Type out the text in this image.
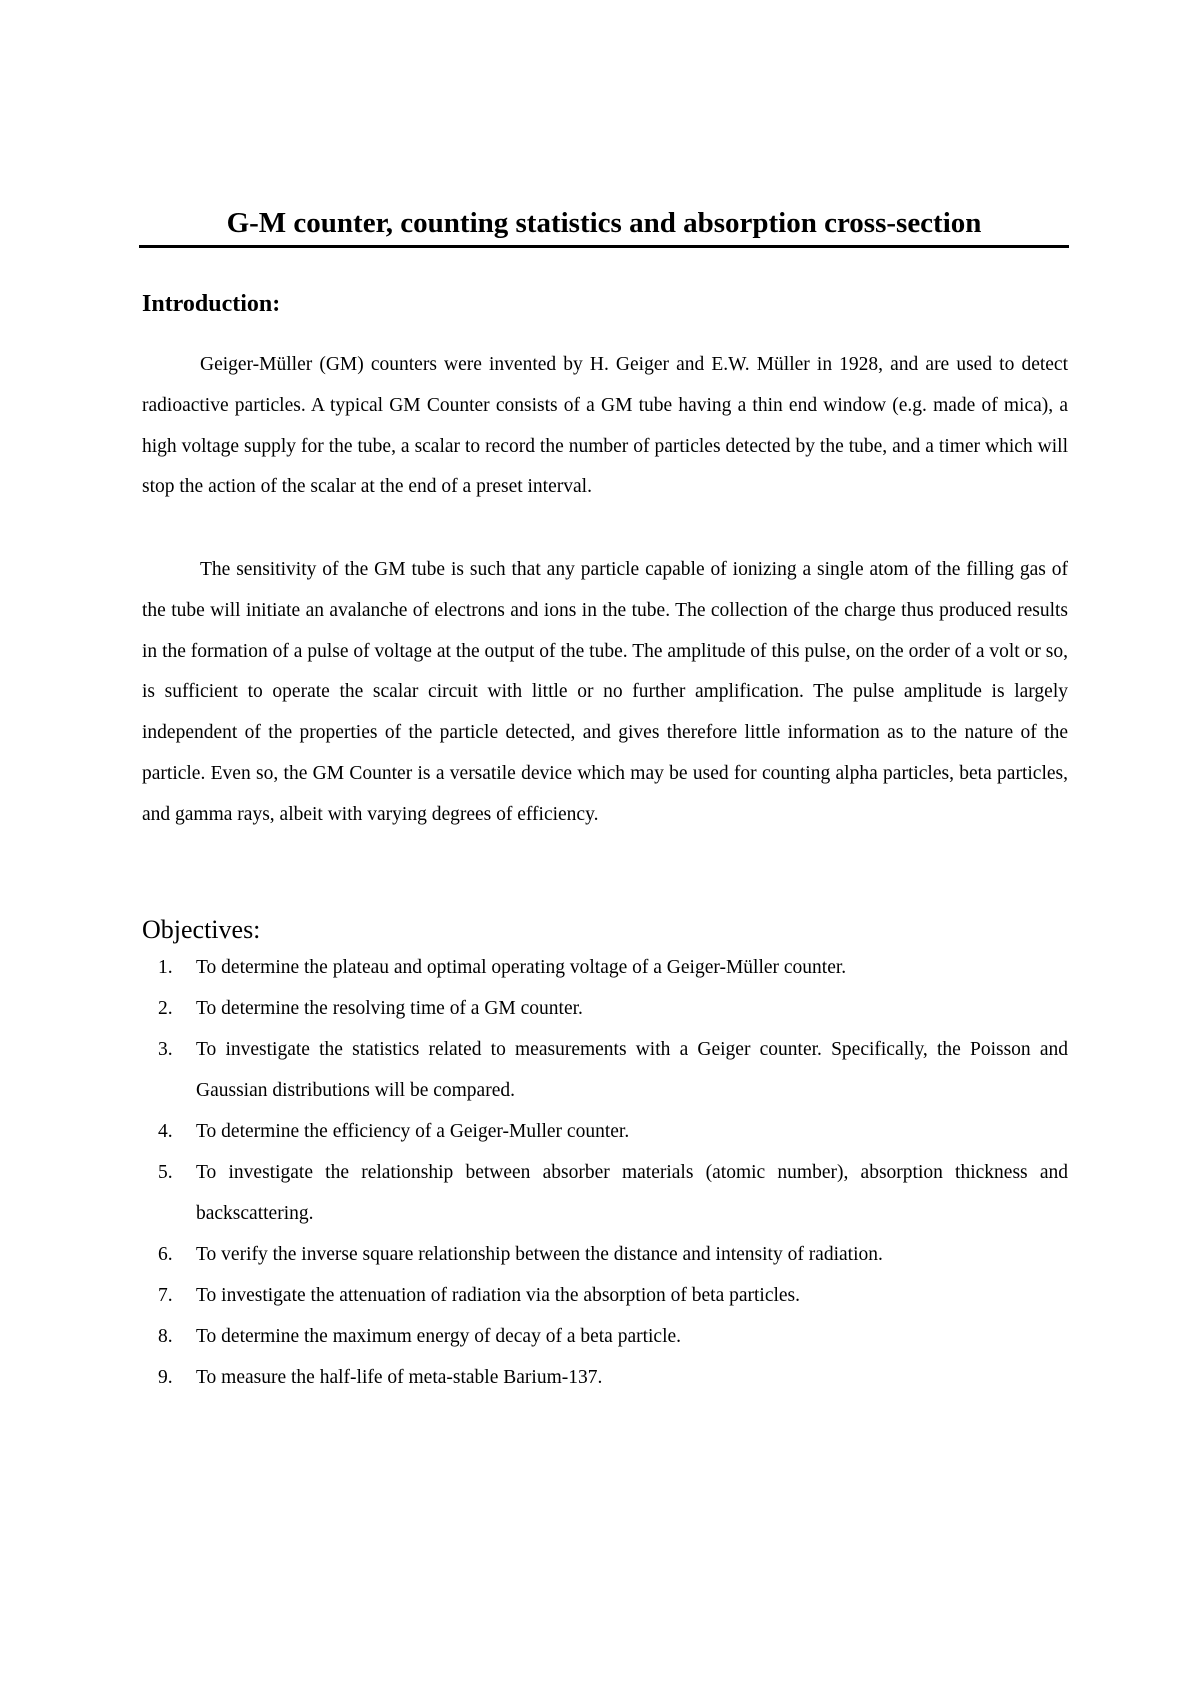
G-M counter, counting statistics and absorption cross-section
Introduction:

Geiger-Müller (GM) counters were invented by H. Geiger and E.W. Müller in 1928, and are used to detect radioactive particles. A typical GM Counter consists of a GM tube having a thin end window (e.g. made of mica), a high voltage supply for the tube, a scalar to record the number of particles detected by the tube, and a timer which will stop the action of the scalar at the end of a preset interval.

The sensitivity of the GM tube is such that any particle capable of ionizing a single atom of the filling gas of the tube will initiate an avalanche of electrons and ions in the tube. The collection of the charge thus produced results in the formation of a pulse of voltage at the output of the tube. The amplitude of this pulse, on the order of a volt or so, is sufficient to operate the scalar circuit with little or no further amplification. The pulse amplitude is largely independent of the properties of the particle detected, and gives therefore little information as to the nature of the particle. Even so, the GM Counter is a versatile device which may be used for counting alpha particles, beta particles, and gamma rays, albeit with varying degrees of efficiency.

Objectives:
1.	To determine the plateau and optimal operating voltage of a Geiger-Müller counter.
2.	To determine the resolving time of a GM counter.
3.	To investigate the statistics related to measurements with a Geiger counter. Specifically, the Poisson and Gaussian distributions will be compared.
4.	To determine the efficiency of a Geiger-Muller counter.
5.	To investigate the relationship between absorber materials (atomic number), absorption thickness and backscattering.
6.	To verify the inverse square relationship between the distance and intensity of radiation.
7.	To investigate the attenuation of radiation via the absorption of beta particles.
8.	To determine the maximum energy of decay of a beta particle.
9.	To measure the half-life of meta-stable Barium-137.
